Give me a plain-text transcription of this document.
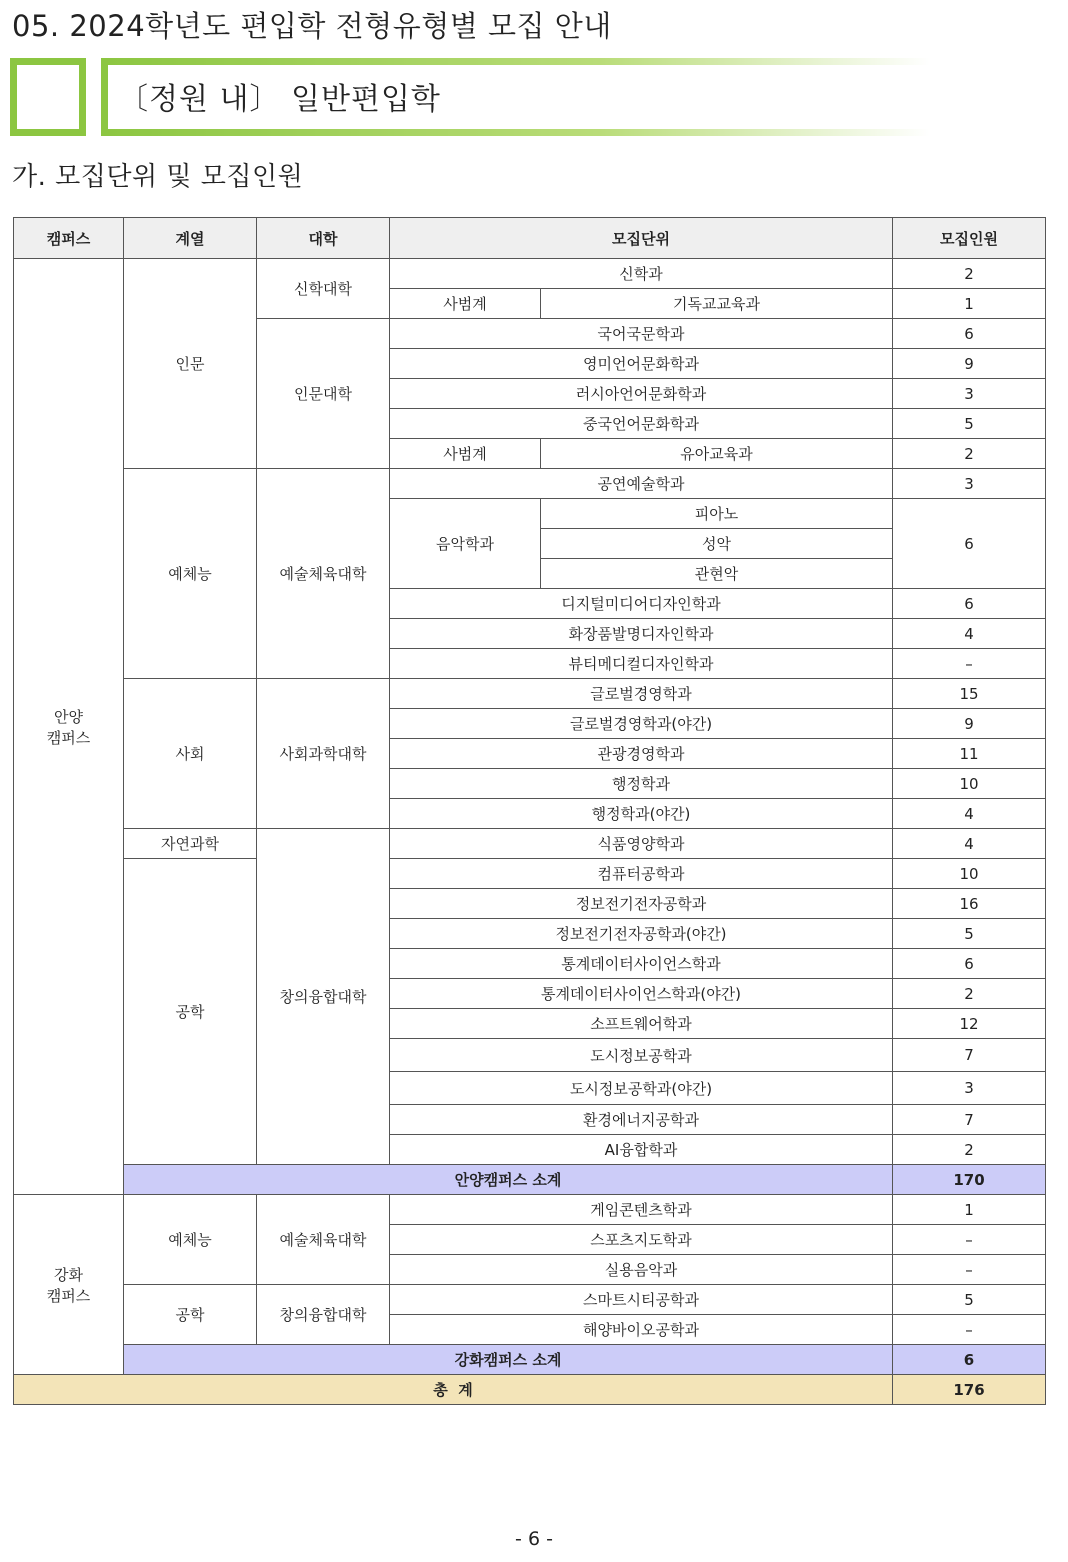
05. 2024학년도 편입학 전형유형별 모집 안내
〔정원 내〕 일반편입학
가. 모집단위 및 모집인원
캠퍼스	계열	대학	모집단위		모집인원
안양
캠퍼스	인문	신학대학	신학과		2
			사범계	기독교교육과	1
		인문대학	국어국문학과		6
			영미언어문화학과		9
			러시아언어문화학과		3
			중국언어문화학과		5
			사범계	유아교육과	2
	예체능	예술체육대학	공연예술학과		3
			음악학과	피아노	6
				성악	
				관현악	
			디지털미디어디자인학과		6
			화장품발명디자인학과		4
			뷰티메디컬디자인학과		–
	사회	사회과학대학	글로벌경영학과		15
			글로벌경영학과(야간)		9
			관광경영학과		11
			행정학과		10
			행정학과(야간)		4
	자연과학	창의융합대학	식품영양학과		4
	공학		컴퓨터공학과		10
			정보전기전자공학과		16
			정보전기전자공학과(야간)		5
			통계데이터사이언스학과		6
			통계데이터사이언스학과(야간)		2
			소프트웨어학과		12
			도시정보공학과		7
			도시정보공학과(야간)		3
			환경에너지공학과		7
			AI융합학과		2
	안양캠퍼스 소계				170
강화
캠퍼스	예체능	예술체육대학	게임콘텐츠학과		1
			스포츠지도학과		–
			실용음악과		–
	공학	창의융합대학	스마트시티공학과		5
			해양바이오공학과		–
	강화캠퍼스 소계				6
총  계					176
- 6 -
